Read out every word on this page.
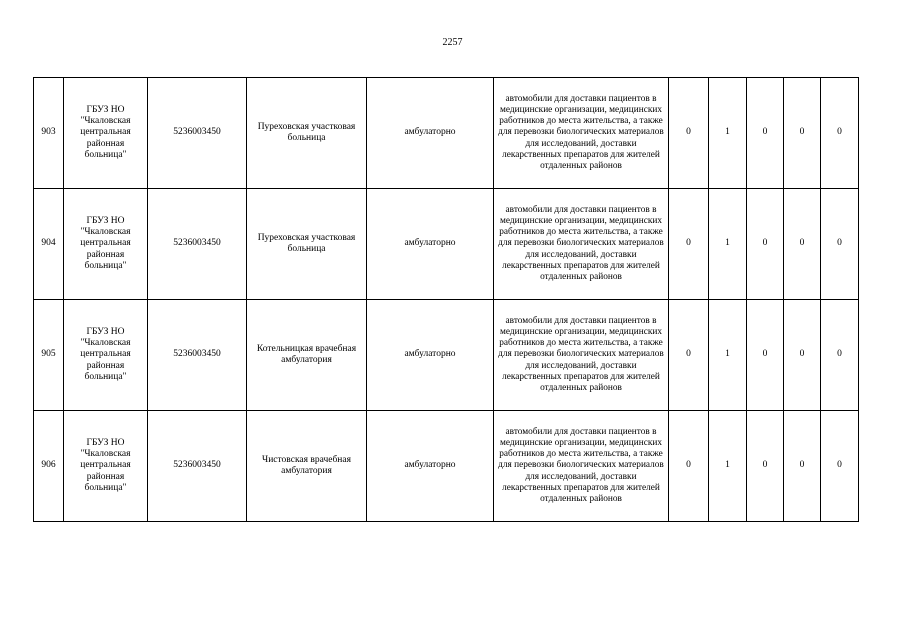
2257
903	ГБУЗ НО "Чкаловская центральная районная больница"	5236003450	Пуреховская участковая больница	амбулаторно	автомобили для доставки пациентов в медицинские организации, медицинских работников до места жительства, а также для перевозки биологических материалов для исследований, доставки лекарственных препаратов для жителей отдаленных районов	0	1	0	0	0
904	ГБУЗ НО "Чкаловская центральная районная больница"	5236003450	Пуреховская участковая больница	амбулаторно	автомобили для доставки пациентов в медицинские организации, медицинских работников до места жительства, а также для перевозки биологических материалов для исследований, доставки лекарственных препаратов для жителей отдаленных районов	0	1	0	0	0
905	ГБУЗ НО "Чкаловская центральная районная больница"	5236003450	Котельницкая врачебная амбулатория	амбулаторно	автомобили для доставки пациентов в медицинские организации, медицинских работников до места жительства, а также для перевозки биологических материалов для исследований, доставки лекарственных препаратов для жителей отдаленных районов	0	1	0	0	0
906	ГБУЗ НО "Чкаловская центральная районная больница"	5236003450	Чистовская врачебная амбулатория	амбулаторно	автомобили для доставки пациентов в медицинские организации, медицинских работников до места жительства, а также для перевозки биологических материалов для исследований, доставки лекарственных препаратов для жителей отдаленных районов	0	1	0	0	0
